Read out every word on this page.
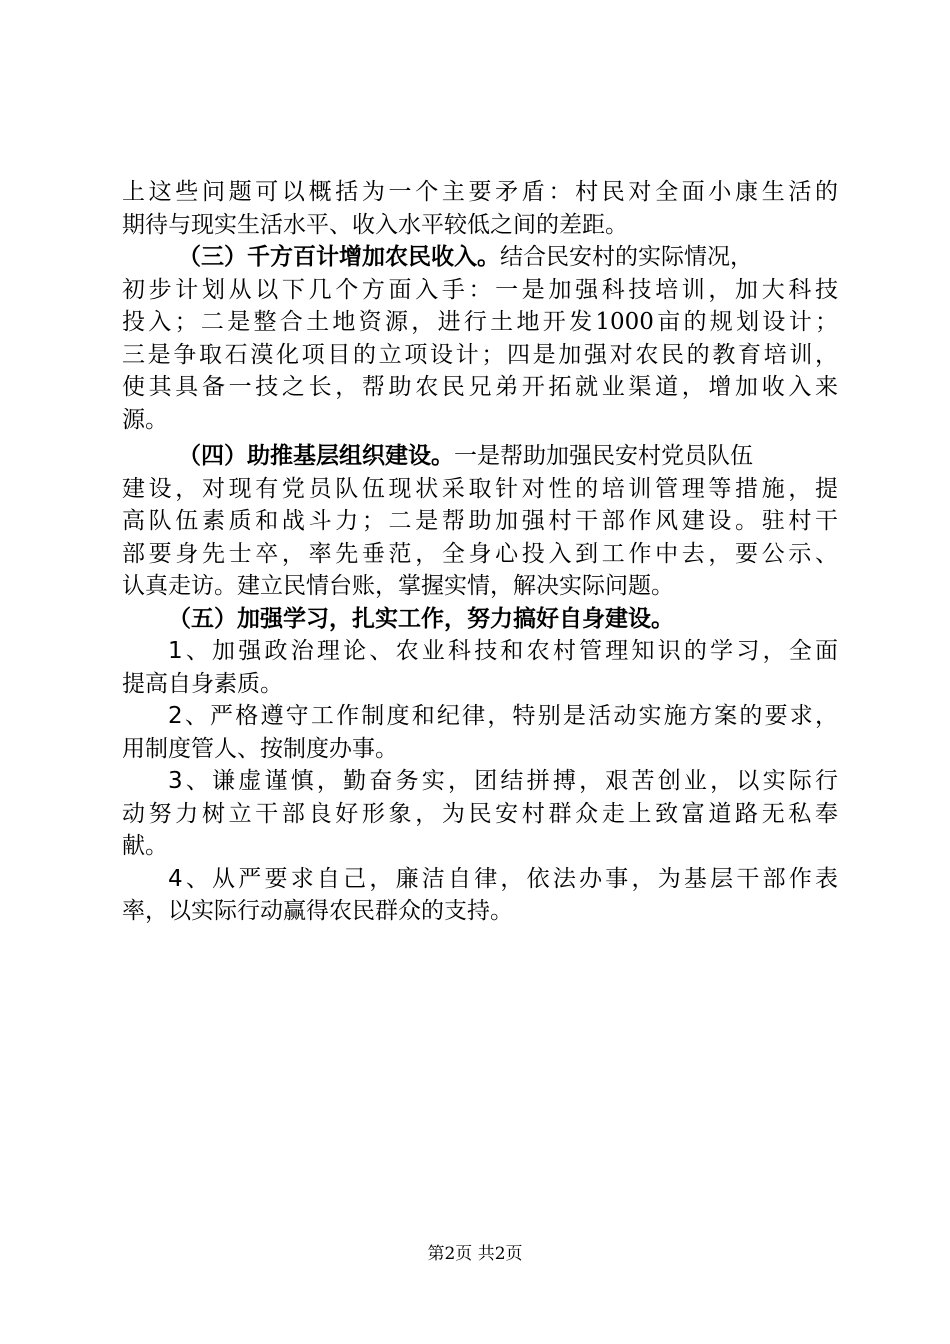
上这些问题可以概括为一个主要矛盾：村民对全面小康生活的
期待与现实生活水平、收入水平较低之间的差距。
（三）千方百计增加农民收入。结合民安村的实际情况，
初步计划从以下几个方面入手：一是加强科技培训，加大科技
投入；二是整合土地资源，进行土地开发1000亩的规划设计；
三是争取石漠化项目的立项设计；四是加强对农民的教育培训，
使其具备一技之长，帮助农民兄弟开拓就业渠道，增加收入来
源。
（四）助推基层组织建设。一是帮助加强民安村党员队伍
建设，对现有党员队伍现状采取针对性的培训管理等措施，提
高队伍素质和战斗力；二是帮助加强村干部作风建设。驻村干
部要身先士卒，率先垂范，全身心投入到工作中去，要公示、
认真走访。建立民情台账，掌握实情，解决实际问题。
（五）加强学习，扎实工作，努力搞好自身建设。
1、加强政治理论、农业科技和农村管理知识的学习，全面
提高自身素质。
2、严格遵守工作制度和纪律，特别是活动实施方案的要求，
用制度管人、按制度办事。
3、谦虚谨慎，勤奋务实，团结拼搏，艰苦创业，以实际行
动努力树立干部良好形象，为民安村群众走上致富道路无私奉
献。
4、从严要求自己，廉洁自律，依法办事，为基层干部作表
率，以实际行动赢得农民群众的支持。
第2页 共2页
